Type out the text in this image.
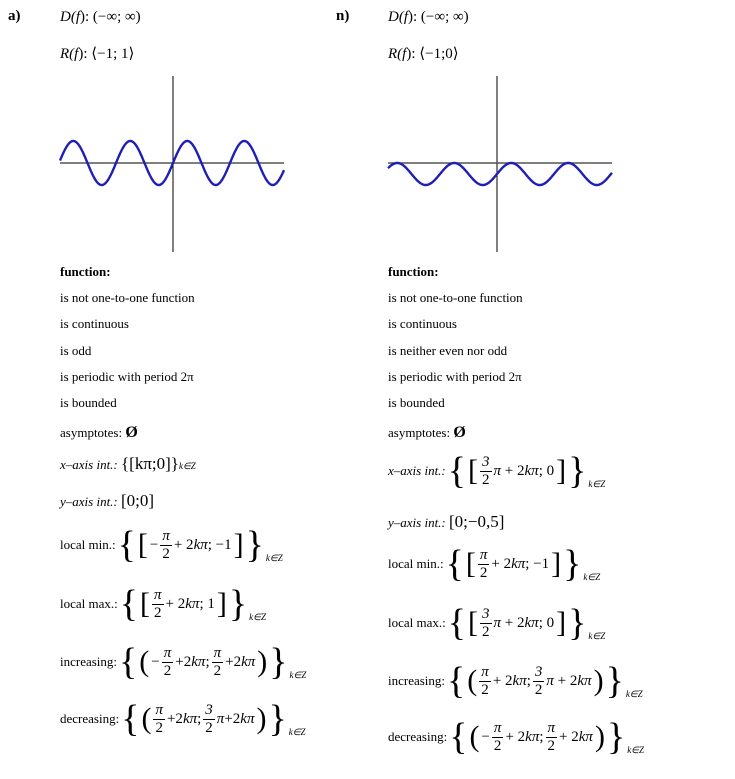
a)	D(f): (−∞; ∞)
R(f): ⟨−1; 1⟩
function:
is not one-to-one function
is continuous
is odd
is periodic with period 2π
is bounded
asymptotes: Ø
x–axis int.: {[kπ;0]}k∈Z
y–axis int.: [0;0]
local min.: { [ − $\frac{\pi}{2} + 2k\pi$; −1 ] } k∈Z
local max.: { [ $\frac{\pi}{2} + 2k\pi$; 1 ] } k∈Z
increasing: { ( − $\frac{\pi}{2} +2k\pi$; $\frac{\pi}{2} +2k\pi$ ) } k∈Z
decreasing: { ( $\frac{\pi}{2} +2k\pi$; $\frac{3}{2} \pi+2k\pi$ ) } k∈Z
n)	D(f): (−∞; ∞)
R(f): ⟨−1;0⟩
function:
is not one-to-one function
is continuous
is neither even nor odd
is periodic with period 2π
is bounded
asymptotes: Ø
x–axis int.: { [ $\frac{3}{2}$ π + 2kπ; 0 ] } k∈Z
y–axis int.: [0;−0,5]
local min.: { [ $\frac{\pi}{2} + 2k\pi$; −1 ] } k∈Z
local max.: { [ $\frac{3}{2}$ π + 2kπ; 0 ] } k∈Z
increasing: { ( $\frac{\pi}{2} + 2k\pi$; $\frac{3}{2}$ π + 2kπ ) } k∈Z
decreasing: { ( − $\frac{\pi}{2} + 2k\pi$; $\frac{\pi}{2} + 2k\pi$ ) } k∈Z
